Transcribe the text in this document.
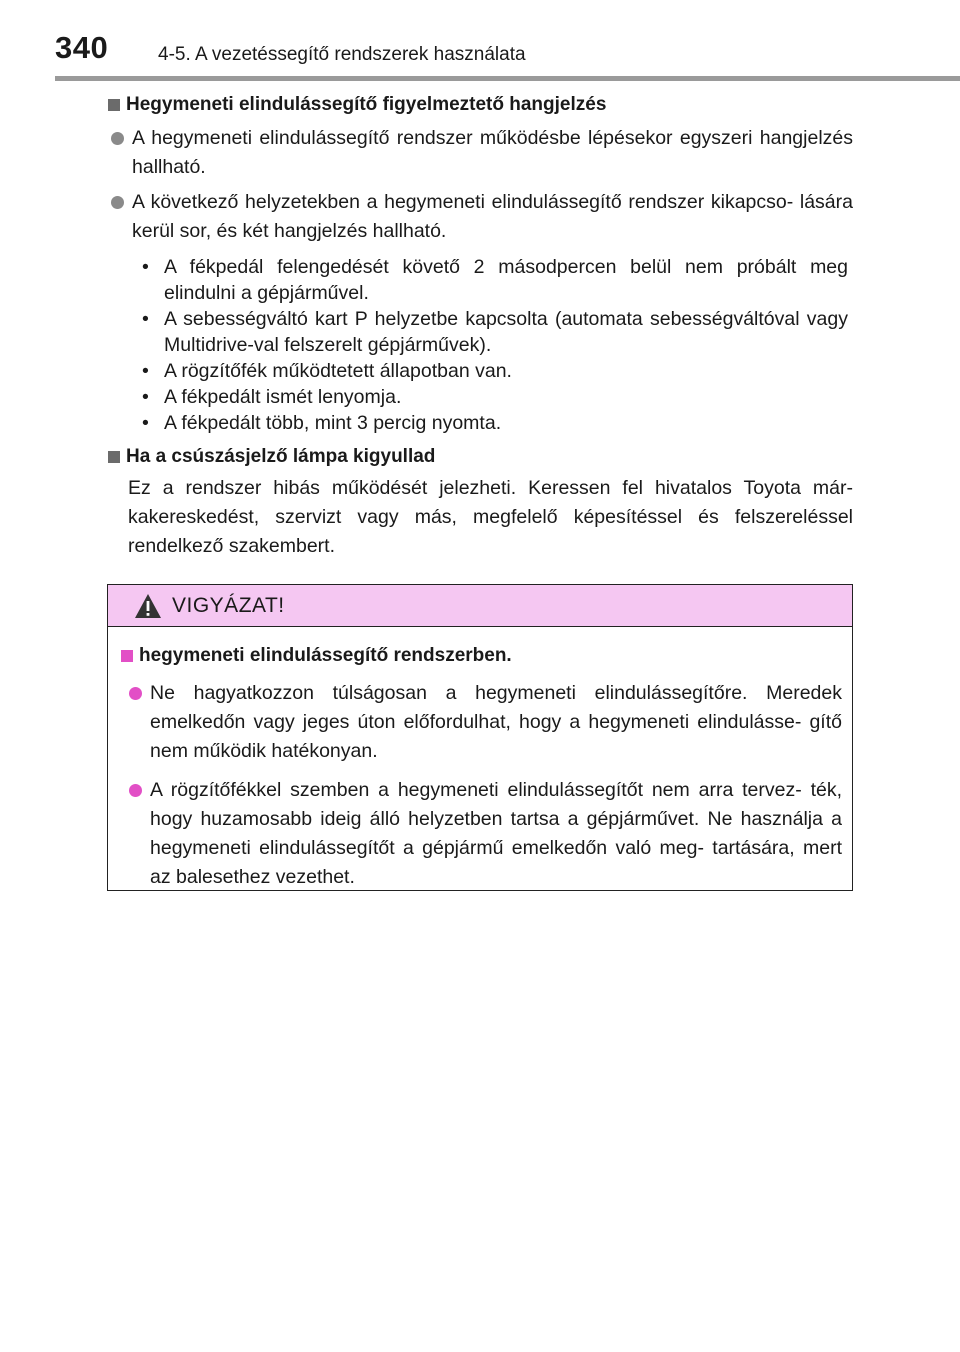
340	4-5. A vezetéssegítő rendszerek használata
Hegymeneti elindulássegítő figyelmeztető hangjelzés
A hegymeneti elindulássegítő rendszer működésbe lépésekor egyszeri hangjelzés hallható.
A következő helyzetekben a hegymeneti elindulássegítő rendszer kikapcso- lására kerül sor, és két hangjelzés hallható.
• A fékpedál felengedését követő 2 másodpercen belül nem próbált meg elindulni a gépjárművel.
• A sebességváltó kart P helyzetbe kapcsolta (automata sebességváltóval vagy Multidrive-val felszerelt gépjárművek).
• A rögzítőfék működtetett állapotban van.
• A fékpedált ismét lenyomja.
• A fékpedált több, mint 3 percig nyomta.
Ha a csúszásjelző lámpa kigyullad
Ez a rendszer hibás működését jelezheti. Keressen fel hivatalos Toyota már- kakereskedést, szervizt vagy más, megfelelő képesítéssel és felszereléssel rendelkező szakembert.
VIGYÁZAT!
hegymeneti elindulássegítő rendszerben.
Ne hagyatkozzon túlságosan a hegymeneti elindulássegítőre. Meredek emelkedőn vagy jeges úton előfordulhat, hogy a hegymeneti elindulásse- gítő nem működik hatékonyan.
A rögzítőfékkel szemben a hegymeneti elindulássegítőt nem arra tervez- ték, hogy huzamosabb ideig álló helyzetben tartsa a gépjárművet. Ne használja a hegymeneti elindulássegítőt a gépjármű emelkedőn való meg- tartására, mert az balesethez vezethet.
